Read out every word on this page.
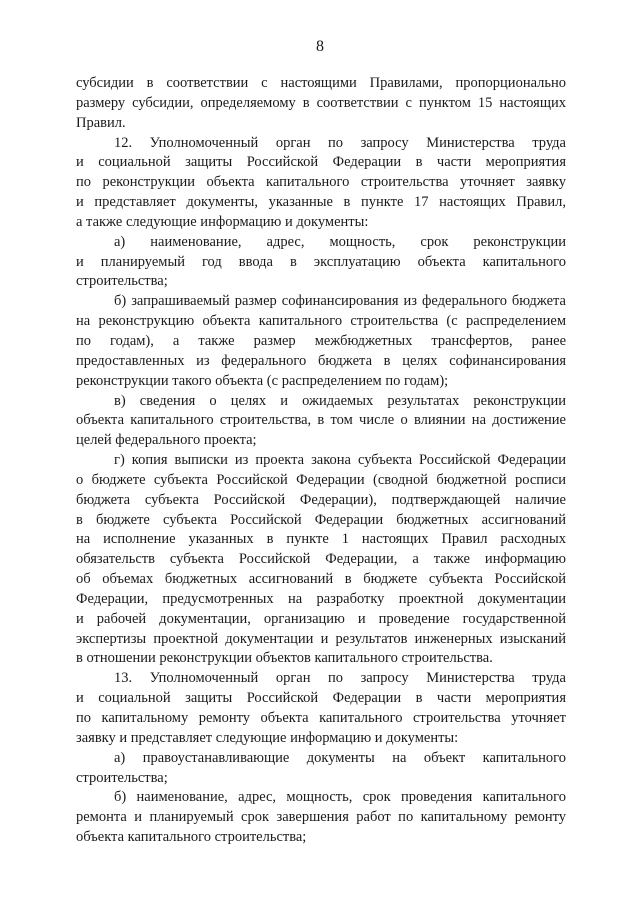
8
субсидии в соответствии с настоящими Правилами, пропорционально
размеру субсидии, определяемому в соответствии с пунктом 15 настоящих
Правил.
12. Уполномоченный орган по запросу Министерства труда
и социальной защиты Российской Федерации в части мероприятия
по реконструкции объекта капитального строительства уточняет заявку
и представляет документы, указанные в пункте 17 настоящих Правил,
а также следующие информацию и документы:
а) наименование, адрес, мощность, срок реконструкции
и планируемый год ввода в эксплуатацию объекта капитального
строительства;
б) запрашиваемый размер софинансирования из федерального бюджета
на реконструкцию объекта капитального строительства (с распределением
по годам), а также размер межбюджетных трансфертов, ранее
предоставленных из федерального бюджета в целях софинансирования
реконструкции такого объекта (с распределением по годам);
в) сведения о целях и ожидаемых результатах реконструкции
объекта капитального строительства, в том числе о влиянии на достижение
целей федерального проекта;
г) копия выписки из проекта закона субъекта Российской Федерации
о бюджете субъекта Российской Федерации (сводной бюджетной росписи
бюджета субъекта Российской Федерации), подтверждающей наличие
в бюджете субъекта Российской Федерации бюджетных ассигнований
на исполнение указанных в пункте 1 настоящих Правил расходных
обязательств субъекта Российской Федерации, а также информацию
об объемах бюджетных ассигнований в бюджете субъекта Российской
Федерации, предусмотренных на разработку проектной документации
и рабочей документации, организацию и проведение государственной
экспертизы проектной документации и результатов инженерных изысканий
в отношении реконструкции объектов капитального строительства.
13. Уполномоченный орган по запросу Министерства труда
и социальной защиты Российской Федерации в части мероприятия
по капитальному ремонту объекта капитального строительства уточняет
заявку и представляет следующие информацию и документы:
а) правоустанавливающие документы на объект капитального
строительства;
б) наименование, адрес, мощность, срок проведения капитального
ремонта и планируемый срок завершения работ по капитальному ремонту
объекта капитального строительства;
